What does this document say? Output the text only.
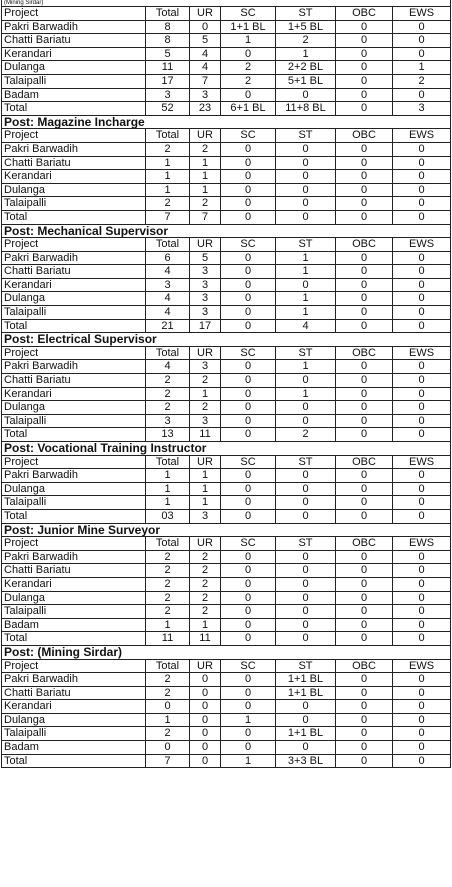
(Mining Sirdar)						
Project	Total	UR	SC	ST	OBC	EWS
Pakri Barwadih	8	0	1+1 BL	1+5 BL	0	0
Chatti Bariatu	8	5	1	2	0	0
Kerandari	5	4	0	1	0	0
Dulanga	11	4	2	2+2 BL	0	1
Talaipalli	17	7	2	5+1 BL	0	2
Badam	3	3	0	0	0	0
Total	52	23	6+1 BL	11+8 BL	0	3
Post: Magazine Incharge						
Project	Total	UR	SC	ST	OBC	EWS
Pakri Barwadih	2	2	0	0	0	0
Chatti Bariatu	1	1	0	0	0	0
Kerandari	1	1	0	0	0	0
Dulanga	1	1	0	0	0	0
Talaipalli	2	2	0	0	0	0
Total	7	7	0	0	0	0
Post: Mechanical Supervisor						
Project	Total	UR	SC	ST	OBC	EWS
Pakri Barwadih	6	5	0	1	0	0
Chatti Bariatu	4	3	0	1	0	0
Kerandari	3	3	0	0	0	0
Dulanga	4	3	0	1	0	0
Talaipalli	4	3	0	1	0	0
Total	21	17	0	4	0	0
Post: Electrical Supervisor						
Project	Total	UR	SC	ST	OBC	EWS
Pakri Barwadih	4	3	0	1	0	0
Chatti Bariatu	2	2	0	0	0	0
Kerandari	2	1	0	1	0	0
Dulanga	2	2	0	0	0	0
Talaipalli	3	3	0	0	0	0
Total	13	11	0	2	0	0
Post: Vocational Training Instructor						
Project	Total	UR	SC	ST	OBC	EWS
Pakri Barwadih	1	1	0	0	0	0
Dulanga	1	1	0	0	0	0
Talaipalli	1	1	0	0	0	0
Total	03	3	0	0	0	0
Post: Junior Mine Surveyor						
Project	Total	UR	SC	ST	OBC	EWS
Pakri Barwadih	2	2	0	0	0	0
Chatti Bariatu	2	2	0	0	0	0
Kerandari	2	2	0	0	0	0
Dulanga	2	2	0	0	0	0
Talaipalli	2	2	0	0	0	0
Badam	1	1	0	0	0	0
Total	11	11	0	0	0	0
Post: (Mining Sirdar)						
Project	Total	UR	SC	ST	OBC	EWS
Pakri Barwadih	2	0	0	1+1 BL	0	0
Chatti Bariatu	2	0	0	1+1 BL	0	0
Kerandari	0	0	0	0	0	0
Dulanga	1	0	1	0	0	0
Talaipalli	2	0	0	1+1 BL	0	0
Badam	0	0	0	0	0	0
Total	7	0	1	3+3 BL	0	0
